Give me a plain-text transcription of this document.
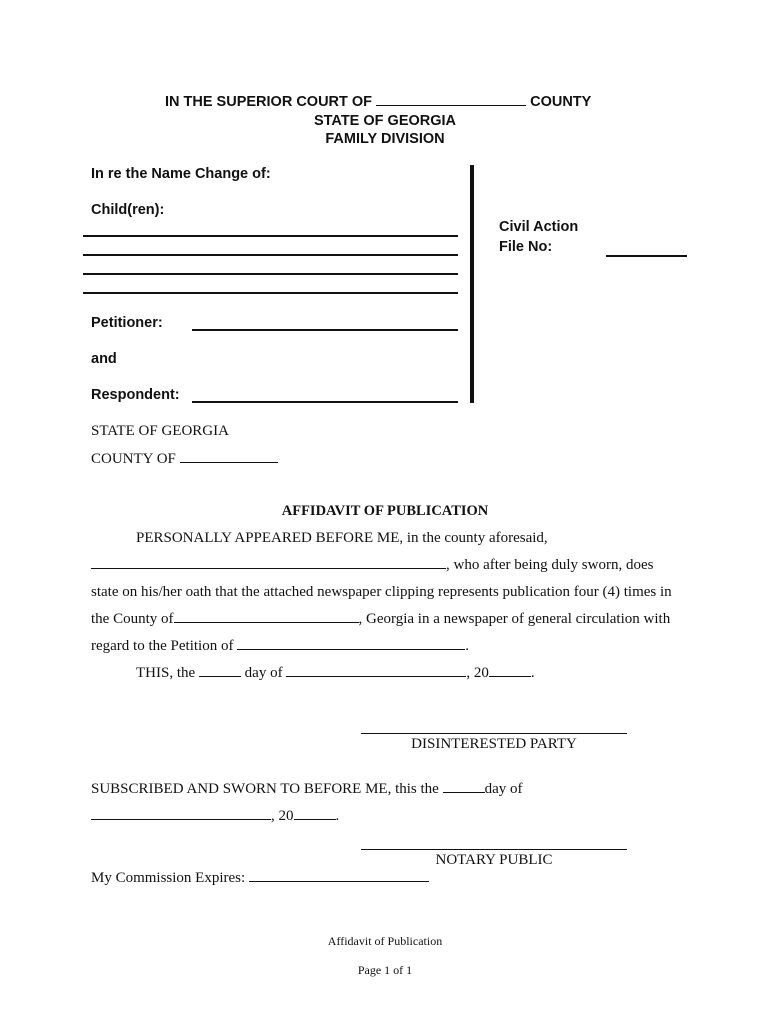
IN THE SUPERIOR COURT OF	COUNTY
STATE OF GEORGIA
FAMILY DIVISION
In re the Name Change of:
Child(ren):
Petitioner:
and
Respondent:
Civil Action
File No:
STATE OF GEORGIA
COUNTY OF
AFFIDAVIT OF PUBLICATION
PERSONALLY APPEARED BEFORE ME, in the county aforesaid,
, who after being duly sworn, does
state on his/her oath that the attached newspaper clipping represents publication four (4) times in
the County of	, Georgia in a newspaper of general circulation with
regard to the Petition of	.
THIS, the	day of	, 20	.
DISINTERESTED PARTY
SUBSCRIBED AND SWORN TO BEFORE ME, this the	day of
, 20	.
NOTARY PUBLIC
My Commission Expires:
Affidavit of Publication
Page 1 of 1
